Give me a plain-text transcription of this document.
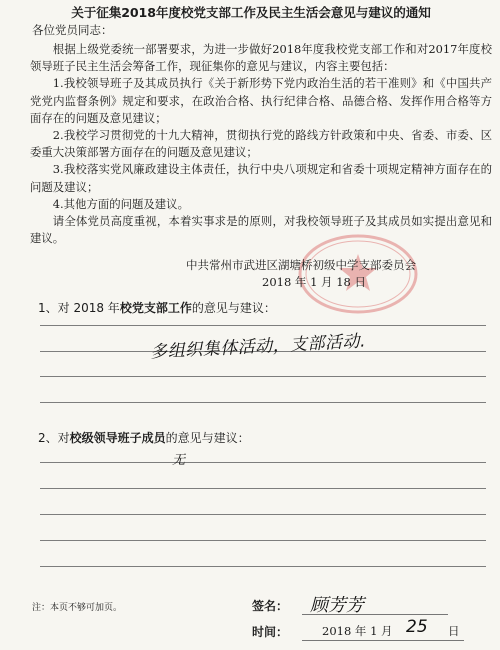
关于征集2018年度校党支部工作及民主生活会意见与建议的通知
各位党员同志：

根据上级党委统一部署要求，为进一步做好2018年度我校党支部工作和对2017年度校领导班子民主生活会筹备工作，现征集你的意见与建议，内容主要包括：

1.我校领导班子及其成员执行《关于新形势下党内政治生活的若干准则》和《中国共产党党内监督条例》规定和要求，在政治合格、执行纪律合格、品德合格、发挥作用合格等方面存在的问题及意见建议；

2.我校学习贯彻党的十九大精神，贯彻执行党的路线方针政策和中央、省委、市委、区委重大决策部署方面存在的问题及意见建议；

3.我校落实党风廉政建设主体责任，执行中央八项规定和省委十项规定精神方面存在的问题及建议；

4.其他方面的问题及建议。

请全体党员高度重视，本着实事求是的原则，对我校领导班子及其成员如实提出意见和建议。

中共常州市武进区湖塘桥初级中学支部委员会
2018 年 1 月 18 日
1、对 2018 年校党支部工作的意见与建议：
多组织集体活动，支部活动.
2、对校级领导班子成员的意见与建议：
无
注：本页不够可加页。	签名： 顾芳芳
时间：	2018 年 1 月 25 日
